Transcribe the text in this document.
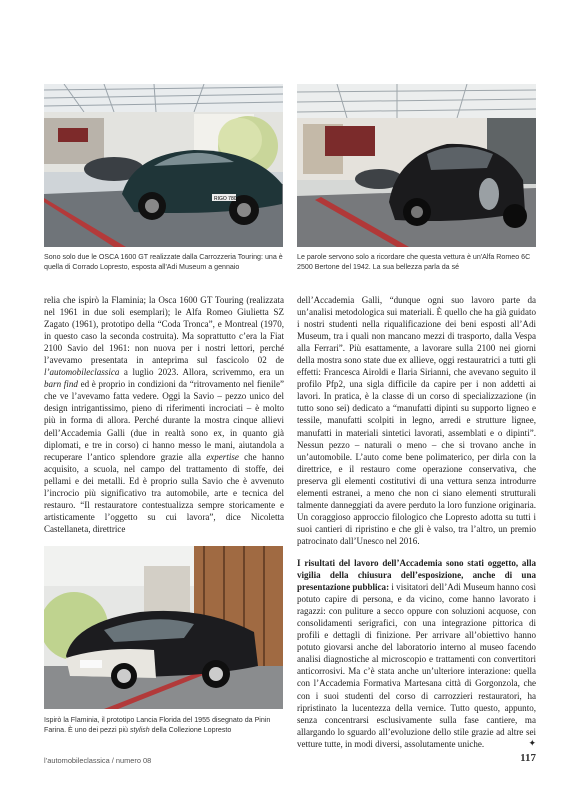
RIGO 780
Sono solo due le OSCA 1600 GT realizzate dalla Carrozzeria Touring: una è quella di Corrado Lopresto, esposta all'Adi Museum a gennaio
Le parole servono solo a ricordare che questa vettura è un'Alfa Romeo 6C 2500 Bertone del 1942. La sua bellezza parla da sé

relia che ispirò la Flaminia; la Osca 1600 GT Touring (realizzata nel 1961 in due soli esemplari); le Alfa Romeo Giulietta SZ Zagato (1961), prototipo della “Coda Tronca”, e Montreal (1970, in questo caso la seconda costruita). Ma soprattutto c’era la Fiat 2100 Savio del 1961: non nuova per i nostri lettori, perché l’avevamo presentata in anteprima sul fascicolo 02 de l’automobileclassica a luglio 2023. Allora, scrivemmo, era un barn find ed è proprio in condizioni da “ritrovamento nel fienile” che ve l’avevamo fatta vedere. Oggi la Savio – pezzo unico del design intrigantissimo, pieno di riferimenti incrociati – è molto più in forma di allora. Perché durante la mostra cinque allievi dell’Accademia Galli (due in realtà sono ex, in quanto già diplomati, e tre in corso) ci hanno messo le mani, aiutandola a recuperare l’antico splendore grazie alla expertise che hanno acquisito, a scuola, nel campo del trattamento di stoffe, dei pellami e dei metalli. Ed è proprio sulla Savio che è avvenuto l’incrocio più significativo tra automobile, arte e tecnica del restauro. “Il restauratore contestualizza sempre storicamente e artisticamente l’oggetto su cui lavora”, dice Nicoletta Castellaneta, direttrice

dell’Accademia Galli, “dunque ogni suo lavoro parte da un’analisi metodologica sui materiali. È quello che ha già guidato i nostri studenti nella riqualificazione dei beni esposti all’Adi Museum, tra i quali non mancano mezzi di trasporto, dalla Vespa alla Ferrari”. Più esattamente, a lavorare sulla 2100 nei giorni della mostra sono state due ex allieve, oggi restauratrici a tutti gli effetti: Francesca Airoldi e Ilaria Sirianni, che avevano seguito il profilo Pfp2, una sigla difficile da capire per i non addetti ai lavori. In pratica, è la classe di un corso di specializzazione (in tutto sono sei) dedicato a “manufatti dipinti su supporto ligneo e tessile, manufatti scolpiti in legno, arredi e strutture lignee, manufatti in materiali sintetici lavorati, assemblati e o dipinti”. Nessun pezzo – naturali o meno – che si trovano anche in un’automobile. L’auto come bene polimaterico, per dirla con la direttrice, e il restauro come operazione conservativa, che preserva gli elementi costitutivi di una vettura senza introdurre elementi estranei, a meno che non ci siano elementi strutturali talmente danneggiati da avere perduto la loro funzione originaria. Un coraggioso approccio filologico che Lopresto adotta su tutti i suoi cantieri di ripristino e che gli è valso, tra l’altro, un premio patrocinato dall’Unesco nel 2016.

I risultati del lavoro dell’Accademia sono stati oggetto, alla vigilia della chiusura dell’esposizione, anche di una presentazione pubblica: i visitatori dell’Adi Museum hanno così potuto capire di persona, e da vicino, come hanno lavorato i ragazzi: con puliture a secco oppure con soluzioni acquose, con consolidamenti serigrafici, con una integrazione pittorica di profili e dettagli di finizione. Per arrivare all’obiettivo hanno potuto giovarsi anche del laboratorio interno al museo facendo analisi diagnostiche al microscopio e trattamenti con convertitori anticorrosivi. Ma c’è stata anche un’ulteriore interazione: quella con l’Accademia Formativa Martesana città di Gorgonzola, che con i suoi studenti del corso di carrozzieri restauratori, ha ripristinato la lucentezza della vernice. Tutto questo, appunto, senza concentrarsi esclusivamente sulla fase cantiere, ma allargando lo sguardo all’evoluzione dello stile grazie ad altre sei vetture tutte, in modi diversi, assolutamente uniche.	✦

Ispirò la Flaminia, il prototipo Lancia Florida del 1955 disegnato da Pinin Farina. È uno dei pezzi più stylish della Collezione Lopresto
l’automobileclassica / numero 08	117
